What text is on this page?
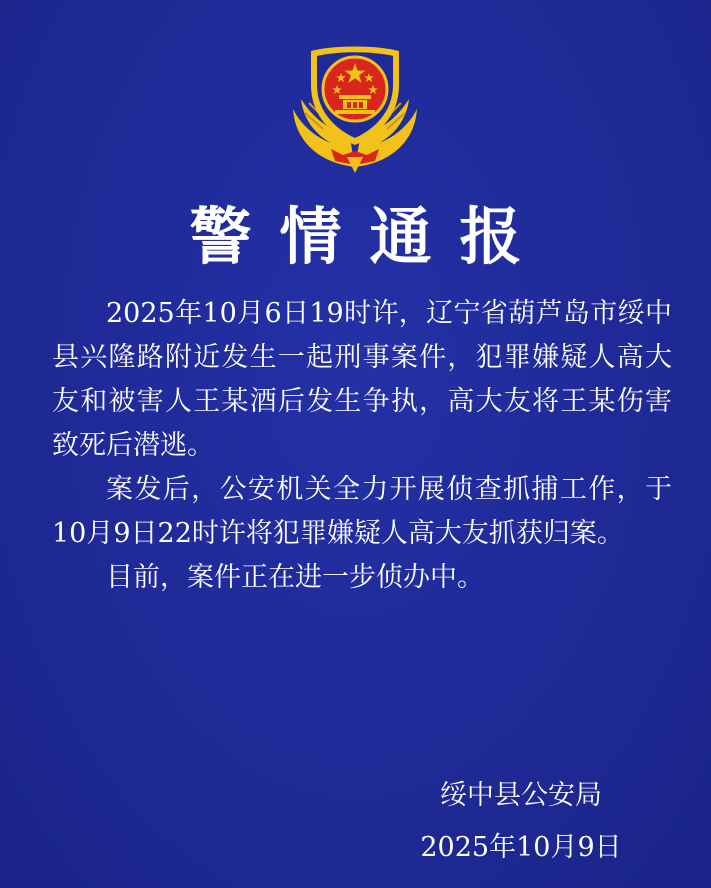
警情通报

2025年10月6日19时许，辽宁省葫芦岛市绥中县兴隆路附近发生一起刑事案件，犯罪嫌疑人高大友和被害人王某酒后发生争执，高大友将王某伤害致死后潜逃。

案发后，公安机关全力开展侦查抓捕工作，于10月9日22时许将犯罪嫌疑人高大友抓获归案。

目前，案件正在进一步侦办中。

绥中县公安局
2025年10月9日
